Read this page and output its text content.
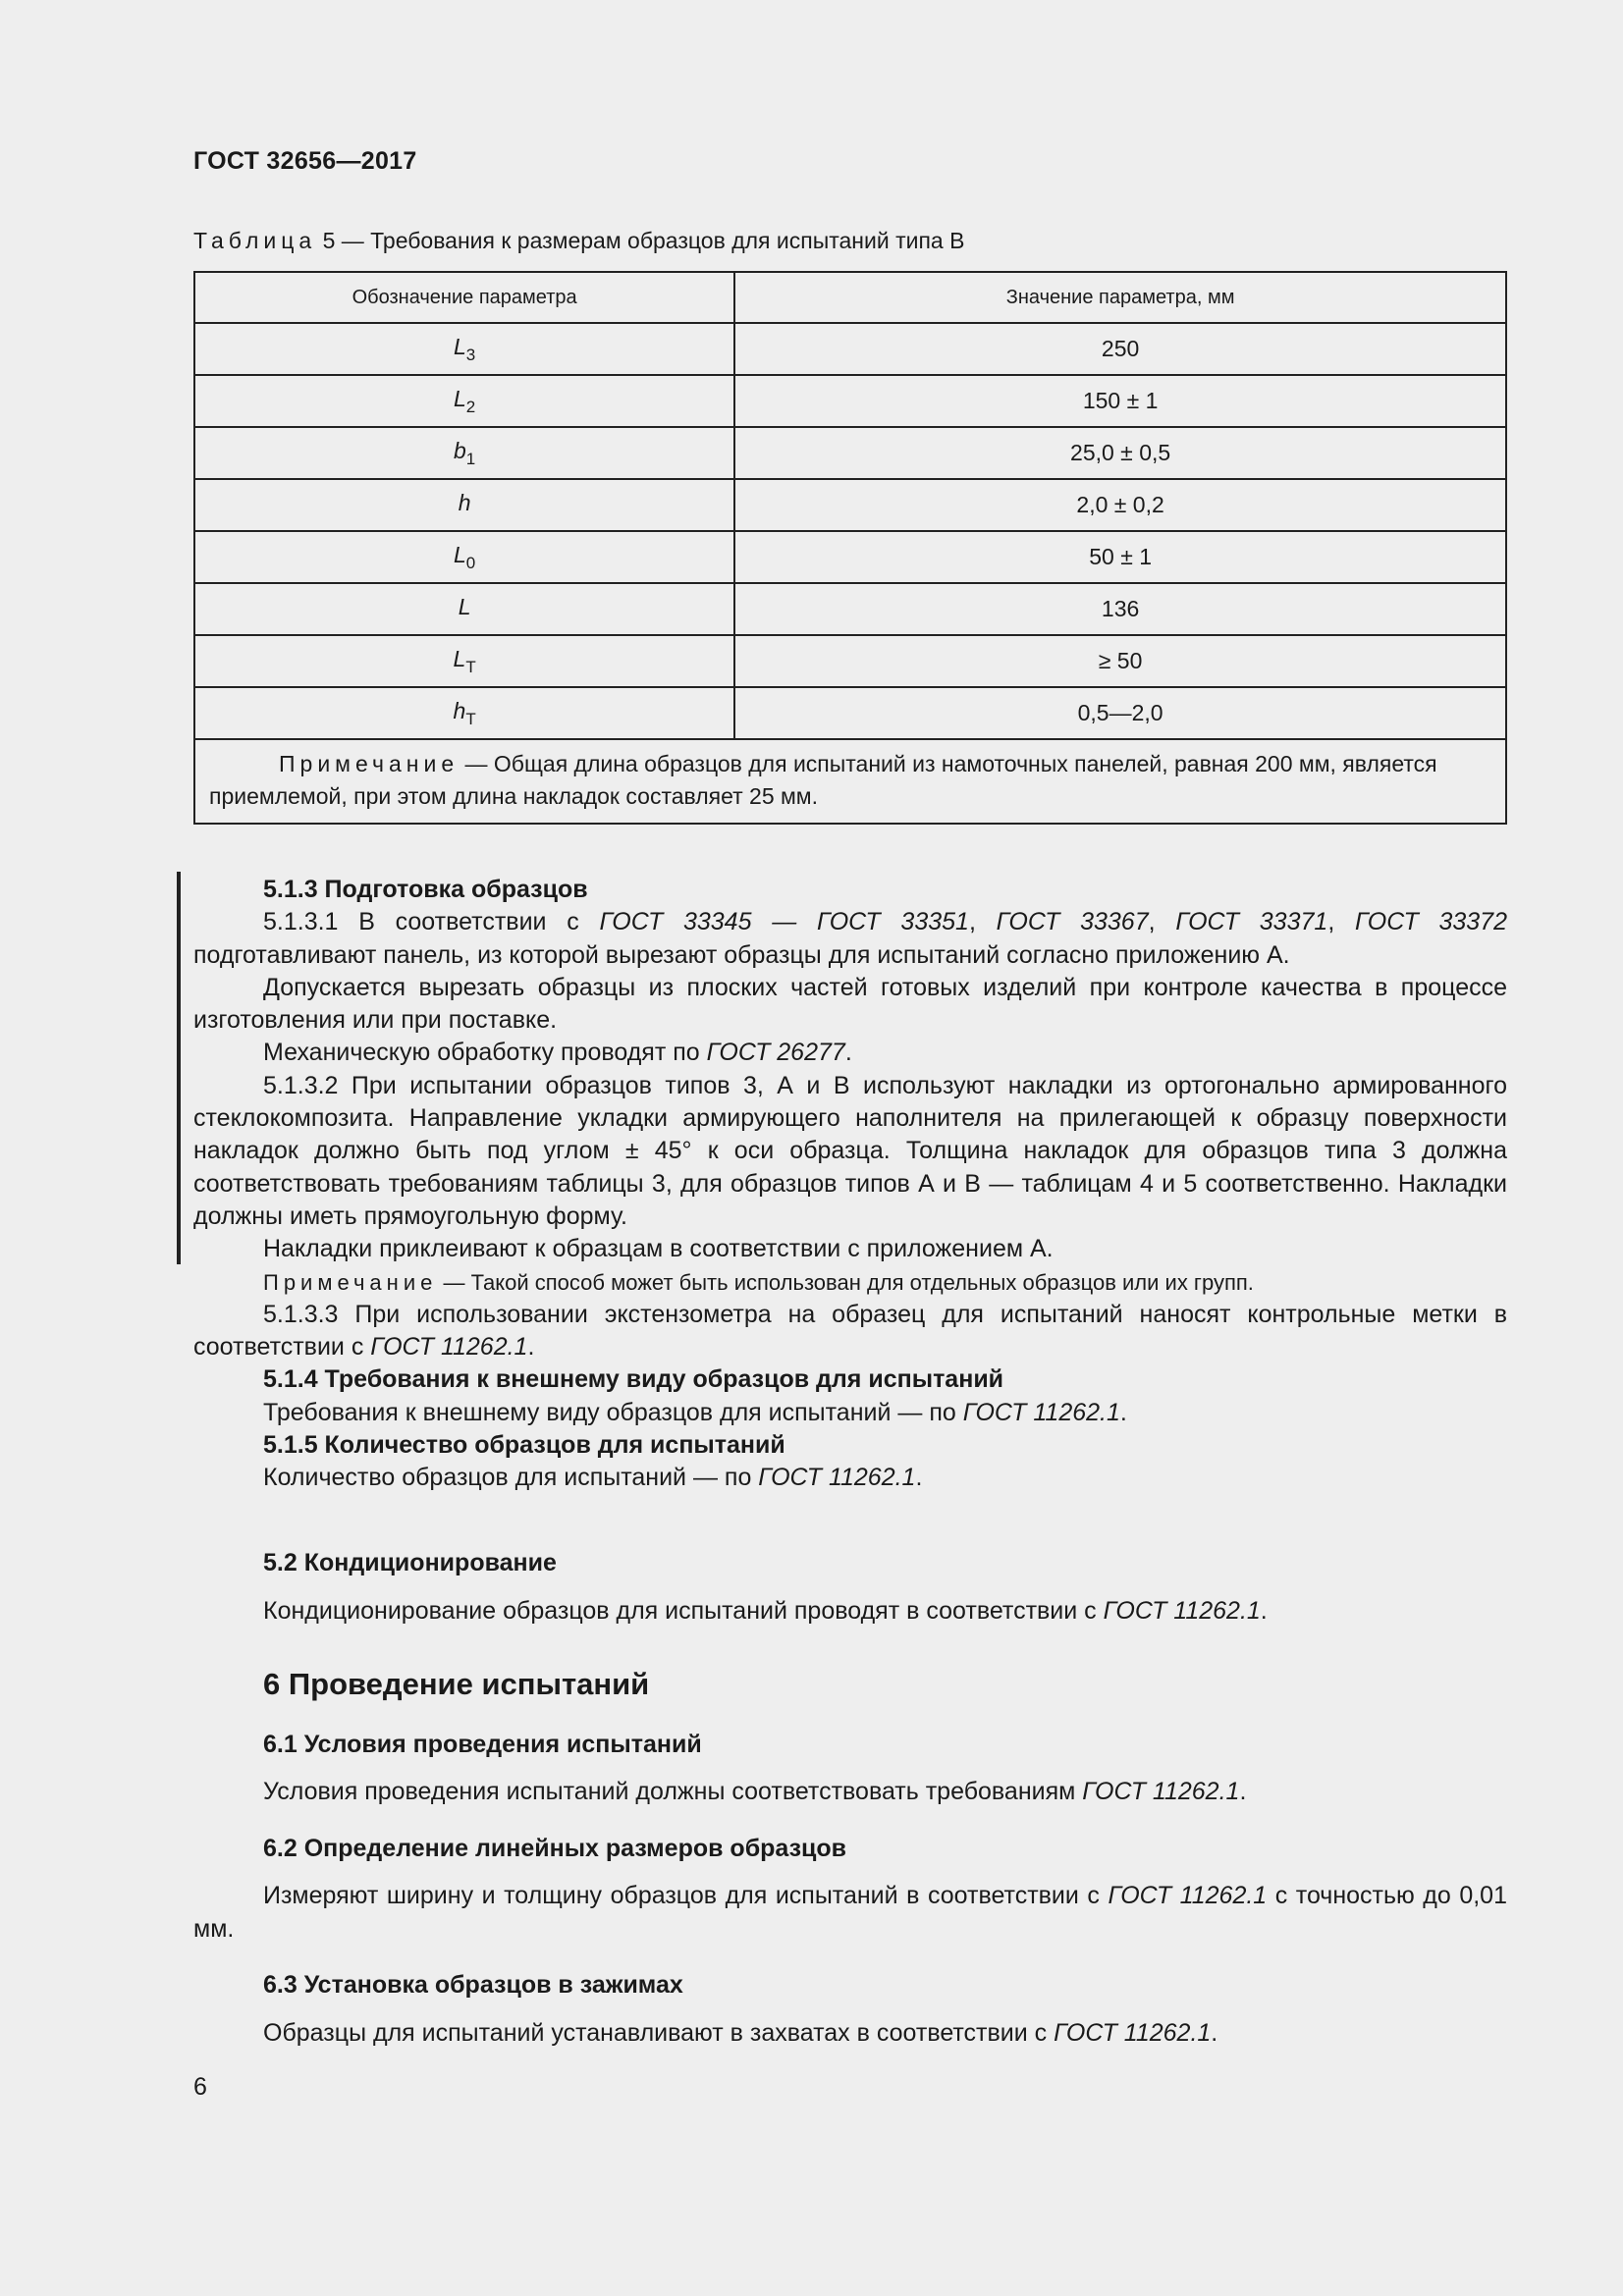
ГОСТ 32656—2017
Таблица 5 — Требования к размерам образцов для испытаний типа В
Обозначение параметра	Значение параметра, мм
$L_3$	250
$L_2$	150 ± 1
$b_1$	25,0 ± 0,5
h	2,0 ± 0,2
$L_0$	50 ± 1
L	136
$L_T$	≥ 50
$h_T$	0,5—2,0
Примечание — Общая длина образцов для испытаний из намоточных панелей, равная 200 мм, является приемлемой, при этом длина накладок составляет 25 мм.	

5.1.3 Подготовка образцов

5.1.3.1 В соответствии с ГОСТ 33345 — ГОСТ 33351, ГОСТ 33367, ГОСТ 33371, ГОСТ 33372 подготавливают панель, из которой вырезают образцы для испытаний согласно приложению А.

Допускается вырезать образцы из плоских частей готовых изделий при контроле качества в процессе изготовления или при поставке.

Механическую обработку проводят по ГОСТ 26277.

5.1.3.2 При испытании образцов типов 3, А и В используют накладки из ортогонально армированного стеклокомпозита. Направление укладки армирующего наполнителя на прилегающей к образцу поверхности накладок должно быть под углом ± 45° к оси образца. Толщина накладок для образцов типа 3 должна соответствовать требованиям таблицы 3, для образцов типов А и В — таблицам 4 и 5 соответственно. Накладки должны иметь прямоугольную форму.

Накладки приклеивают к образцам в соответствии с приложением А.

Примечание — Такой способ может быть использован для отдельных образцов или их групп.

5.1.3.3 При использовании экстензометра на образец для испытаний наносят контрольные метки в соответствии с ГОСТ 11262.1.

5.1.4 Требования к внешнему виду образцов для испытаний

Требования к внешнему виду образцов для испытаний — по ГОСТ 11262.1.

5.1.5 Количество образцов для испытаний

Количество образцов для испытаний — по ГОСТ 11262.1.

5.2 Кондиционирование

Кондиционирование образцов для испытаний проводят в соответствии с ГОСТ 11262.1.

6 Проведение испытаний
6.1 Условия проведения испытаний

Условия проведения испытаний должны соответствовать требованиям ГОСТ 11262.1.

6.2 Определение линейных размеров образцов

Измеряют ширину и толщину образцов для испытаний в соответствии с ГОСТ 11262.1 с точностью до 0,01 мм.

6.3 Установка образцов в зажимах

Образцы для испытаний устанавливают в захватах в соответствии с ГОСТ 11262.1.

6
